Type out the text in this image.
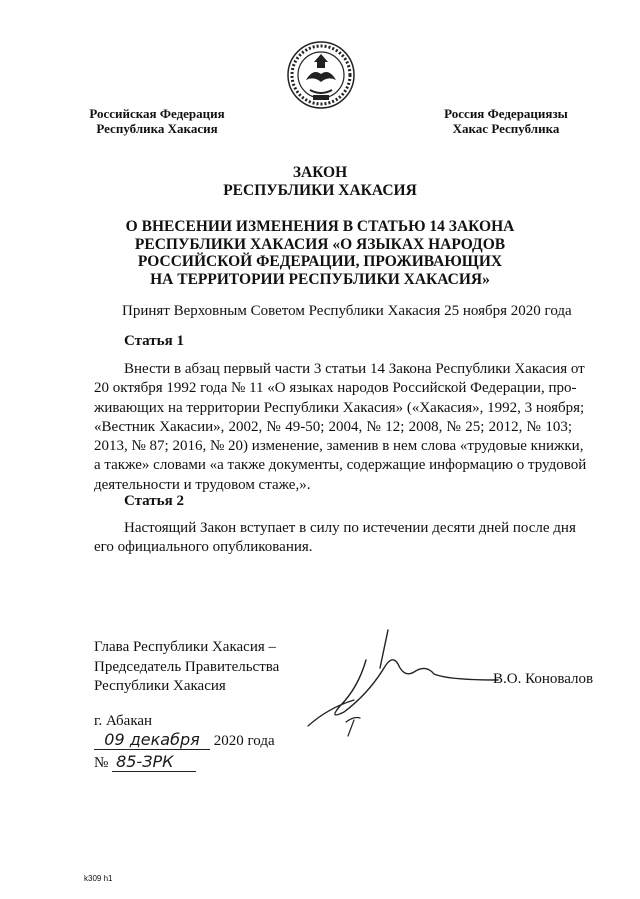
Российская Федерация
Республика Хакасия
Россия Федерациязы
Хакас Республика
ЗАКОН
РЕСПУБЛИКИ ХАКАСИЯ
О ВНЕСЕНИИ ИЗМЕНЕНИЯ В СТАТЬЮ 14 ЗАКОНА
РЕСПУБЛИКИ ХАКАСИЯ «О ЯЗЫКАХ НАРОДОВ
РОССИЙСКОЙ ФЕДЕРАЦИИ, ПРОЖИВАЮЩИХ
НА ТЕРРИТОРИИ РЕСПУБЛИКИ ХАКАСИЯ»
Принят Верховным Советом Республики Хакасия 25 ноября 2020 года
Статья 1
Внести в абзац первый части 3 статьи 14 Закона Республики Хакасия от
20 октября 1992 года № 11 «О языках народов Российской Федерации, про-
живающих на территории Республики Хакасия» («Хакасия», 1992, 3 ноября;
«Вестник Хакасии», 2002, № 49-50; 2004, № 12; 2008, № 25; 2012, № 103;
2013, № 87; 2016, № 20) изменение, заменив в нем слова «трудовые книжки,
а также» словами «а также документы, содержащие информацию о трудовой
деятельности и трудовом стаже,».
Статья 2
Настоящий Закон вступает в силу по истечении десяти дней после дня
его официального опубликования.
Глава Республики Хакасия –
Председатель Правительства
Республики Хакасия	В.О. Коновалов
г. Абакан
09 декабря 2020 года
№ 85-ЗРК
k309 h1
